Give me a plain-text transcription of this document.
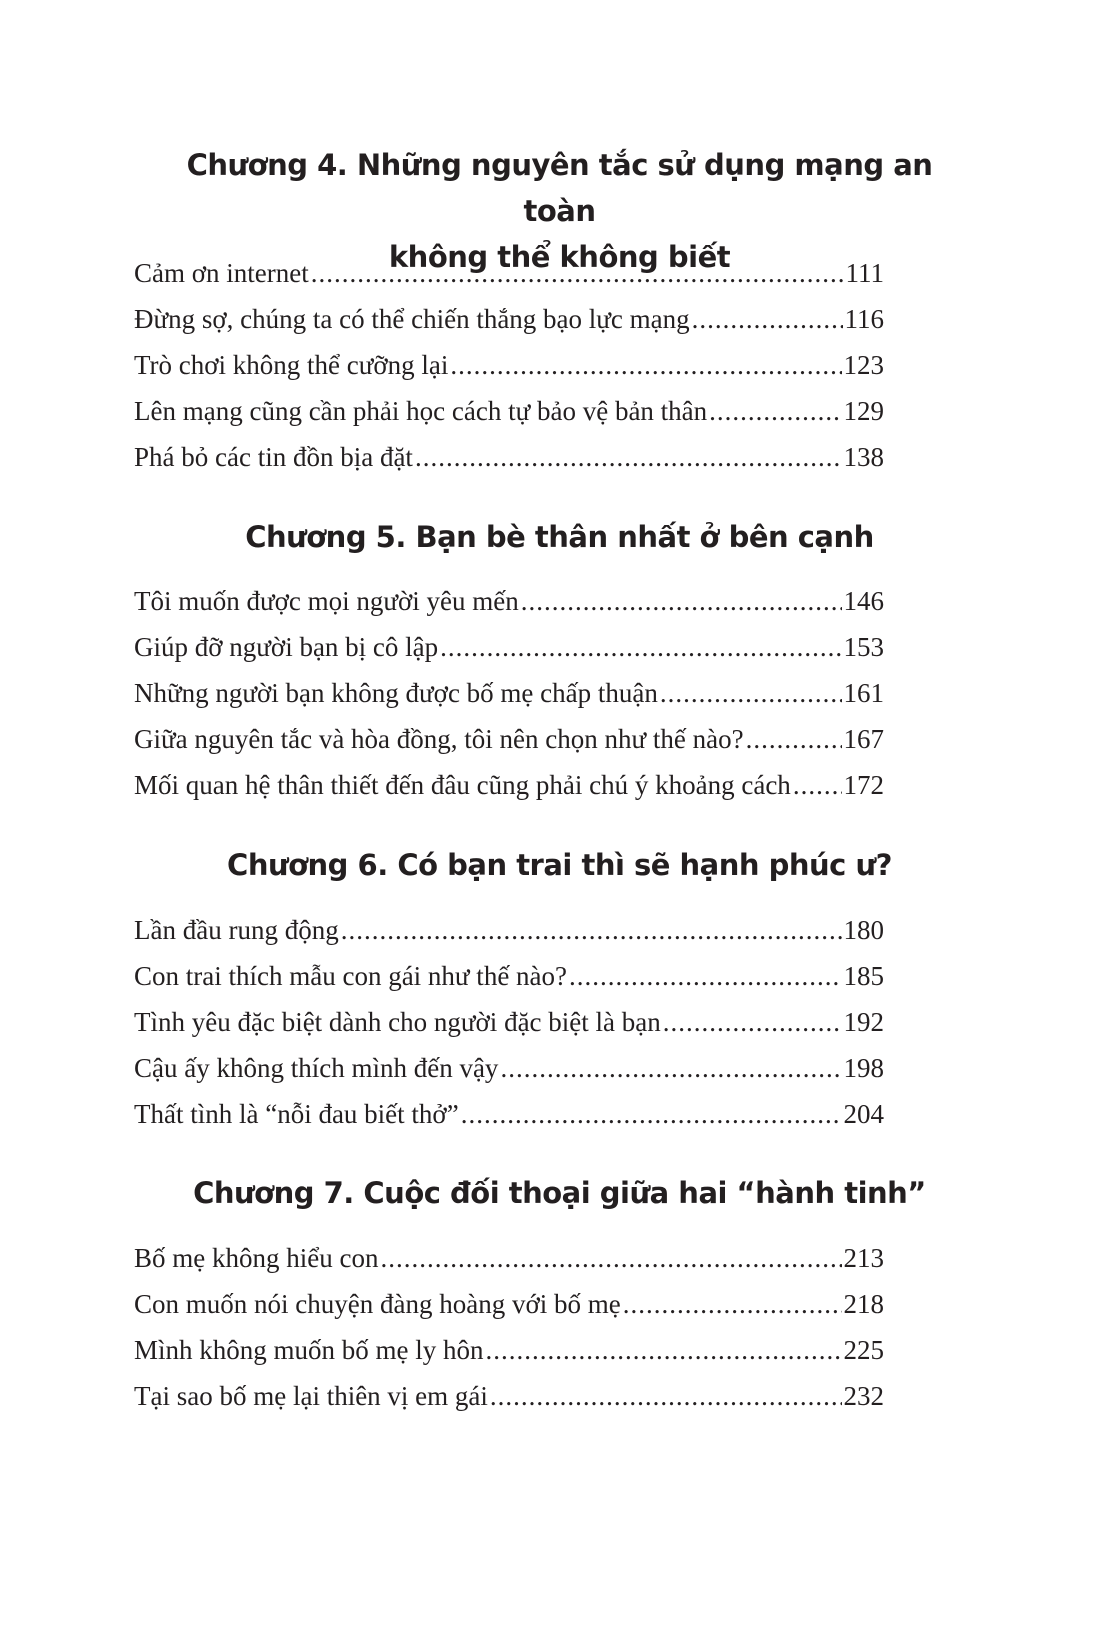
Chương 4. Những nguyên tắc sử dụng mạng an toàn
không thể không biết
Cảm ơn internet .....	111
Đừng sợ, chúng ta có thể chiến thắng bạo lực mạng .....	116
Trò chơi không thể cưỡng lại .....	123
Lên mạng cũng cần phải học cách tự bảo vệ bản thân .....	129
Phá bỏ các tin đồn bịa đặt .....	138
Chương 5. Bạn bè thân nhất ở bên cạnh
Tôi muốn được mọi người yêu mến .....	146
Giúp đỡ người bạn bị cô lập .....	153
Những người bạn không được bố mẹ chấp thuận .....	161
Giữa nguyên tắc và hòa đồng, tôi nên chọn như thế nào? .....	167
Mối quan hệ thân thiết đến đâu cũng phải chú ý khoảng cách ..... 172
Chương 6. Có bạn trai thì sẽ hạnh phúc ư?
Lần đầu rung động .....	180
Con trai thích mẫu con gái như thế nào? .....	185
Tình yêu đặc biệt dành cho người đặc biệt là bạn .....	192
Cậu ấy không thích mình đến vậy .....	198
Thất tình là “nỗi đau biết thở” .....	204
Chương 7. Cuộc đối thoại giữa hai “hành tinh”
Bố mẹ không hiểu con .....	213
Con muốn nói chuyện đàng hoàng với bố mẹ .....	218
Mình không muốn bố mẹ ly hôn .....	225
Tại sao bố mẹ lại thiên vị em gái .....	232
